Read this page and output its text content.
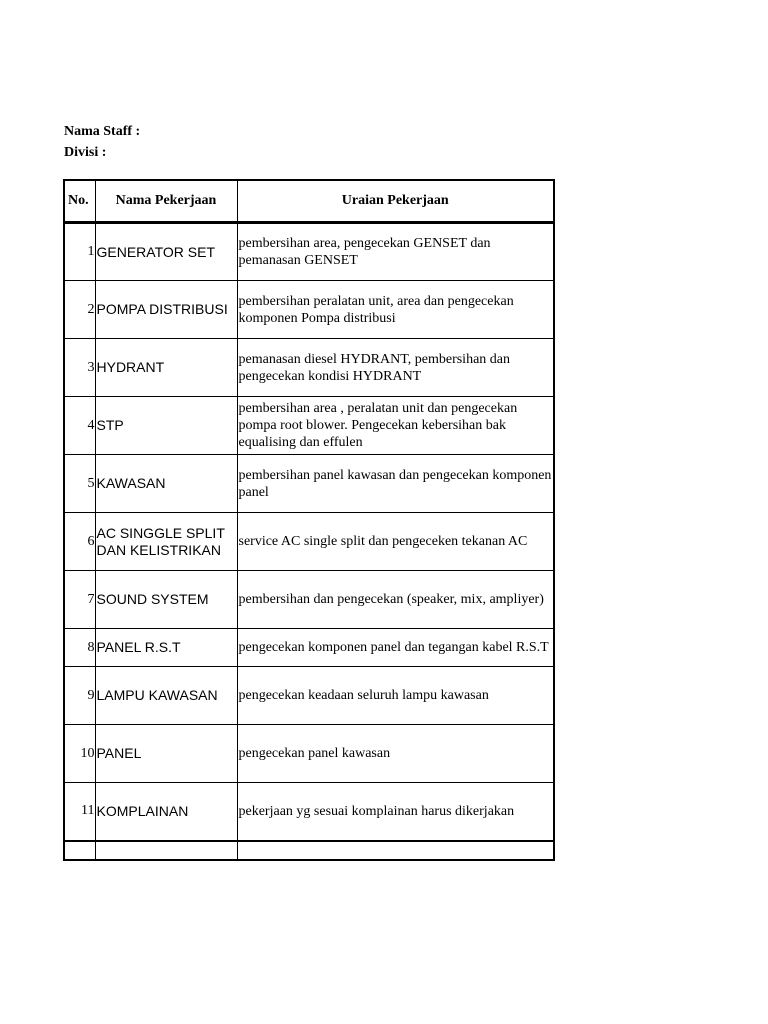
Nama Staff :
Divisi :
No.	Nama Pekerjaan	Uraian Pekerjaan
1	GENERATOR SET	pembersihan area, pengecekan GENSET dan pemanasan GENSET
2	POMPA DISTRIBUSI	pembersihan peralatan unit, area dan pengecekan komponen Pompa distribusi
3	HYDRANT	pemanasan diesel HYDRANT, pembersihan dan pengecekan kondisi HYDRANT
4	STP	pembersihan area , peralatan unit dan pengecekan pompa root blower. Pengecekan kebersihan bak equalising dan effulen
5	KAWASAN	pembersihan panel kawasan dan pengecekan komponen panel
6	AC SINGGLE SPLIT DAN KELISTRIKAN	service AC single split dan pengeceken tekanan AC
7	SOUND SYSTEM	pembersihan dan pengecekan (speaker, mix, ampliyer)
8	PANEL R.S.T	pengecekan komponen panel dan tegangan kabel R.S.T
9	LAMPU KAWASAN	pengecekan keadaan seluruh lampu kawasan
10	PANEL	pengecekan panel kawasan
11	KOMPLAINAN	pekerjaan yg sesuai komplainan harus dikerjakan
